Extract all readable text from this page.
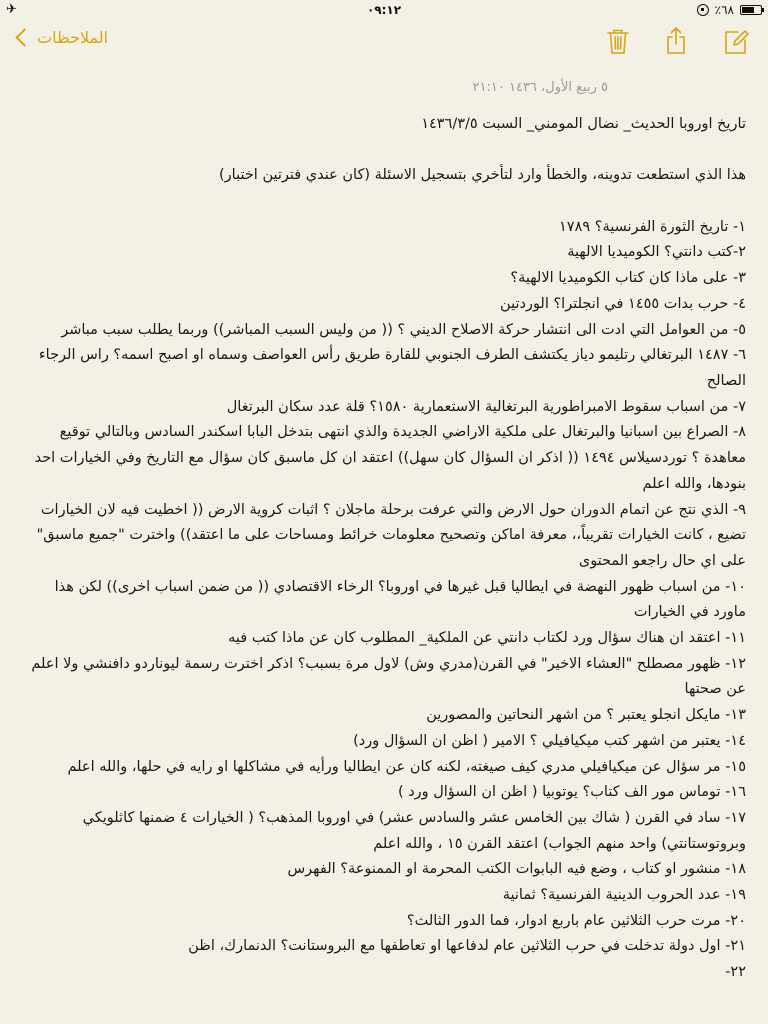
✈	٠٩:١٢	٪٦٨
الملاحظات
٥ ربيع الأول، ١٤٣٦ ٢١:١٠

تاريخ اوروبا الحديث_ نضال المومني_ السبت ١٤٣٦/٣/٥

هذا الذي استطعت تدوينه، والخطأ وارد لتأخري بتسجيل الاسئلة (كان عندي فترتين اختبار)

١- تاريخ الثورة الفرنسية؟ ١٧٨٩

٢-كتب دانتي؟ الكوميديا الالهية

٣- على ماذا كان كتاب الكوميديا الالهية؟

٤- حرب بدات ١٤٥٥ في انجلترا؟ الوردتين

٥- من العوامل التي ادت الى انتشار حركة الاصلاح الديني ؟ (( من وليس السبب المباشر)) وربما يطلب سبب مباشر

٦- ١٤٨٧ البرتغالي رتليمو دياز يكتشف الطرف الجنوبي للقارة طريق رأس العواصف وسماه او اصبح اسمه؟ راس الرجاء الصالح

٧- من اسباب سقوط الامبراطورية البرتغالية الاستعمارية ١٥٨٠؟ قلة عدد سكان البرتغال

٨- الصراع بين اسبانيا والبرتغال على ملكية الاراضي الجديدة والذي انتهى بتدخل البابا اسكندر السادس وبالتالي توقيع معاهدة ؟ توردسيلاس ١٤٩٤ (( اذكر ان السؤال كان سهل)) اعتقد ان كل ماسبق كان سؤال مع التاريخ وفي الخيارات احد بنودها، والله اعلم

٩- الذي نتج عن اتمام الدوران حول الارض والتي عرفت برحلة ماجلان ؟ اثبات كروية الارض (( اخطيت فيه لان الخيارات تضيع ، كانت الخيارات تقريباً،، معرفة اماكن وتصحيح معلومات خرائط ومساحات على ما اعتقد)) واخترت "جميع ماسبق" على اي حال راجعو المحتوى

١٠- من اسباب ظهور النهضة في ايطاليا قبل غيرها في اوروبا؟ الرخاء الاقتصادي (( من ضمن اسباب اخرى)) لكن هذا ماورد في الخيارات

١١- اعتقد ان هناك سؤال ورد لكتاب دانتي عن الملكية_ المطلوب كان عن ماذا كتب فيه

١٢- ظهور مصطلح "العشاء الاخير" في القرن(مدري وش) لاول مرة بسبب؟ اذكر اخترت رسمة ليوناردو دافنشي ولا اعلم عن صحتها

١٣- مايكل انجلو يعتبر ؟ من اشهر النحاتين والمصورين

١٤- يعتبر من اشهر كتب ميكيافيلي ؟ الامير ( اظن ان السؤال ورد)

١٥- مر سؤال عن ميكيافيلي مدري كيف صيغته، لكنه كان عن ايطاليا ورأيه في مشاكلها او رايه في حلها، والله اعلم

١٦- توماس مور الف كتاب؟ يوتوبيا ( اظن ان السؤال ورد )

١٧- ساد في القرن ( شاك بين الخامس عشر والسادس عشر) في اوروبا المذهب؟ ( الخيارات ٤ ضمنها كاثلويكي وبروتوستانتي) واحد منهم الجواب) اعتقد القرن ١٥ ، والله اعلم

١٨- منشور او كتاب ، وضع فيه البابوات الكتب المحرمة او الممنوعة؟ الفهرس

١٩- عدد الحروب الدينية الفرنسية؟ ثمانية

٢٠- مرت حرب الثلاثين عام باربع ادوار، فما الدور الثالث؟

٢١- اول دولة تدخلت في حرب الثلاثين عام لدفاعها او تعاطفها مع البروستانت؟ الدنمارك، اظن

٢٢-
